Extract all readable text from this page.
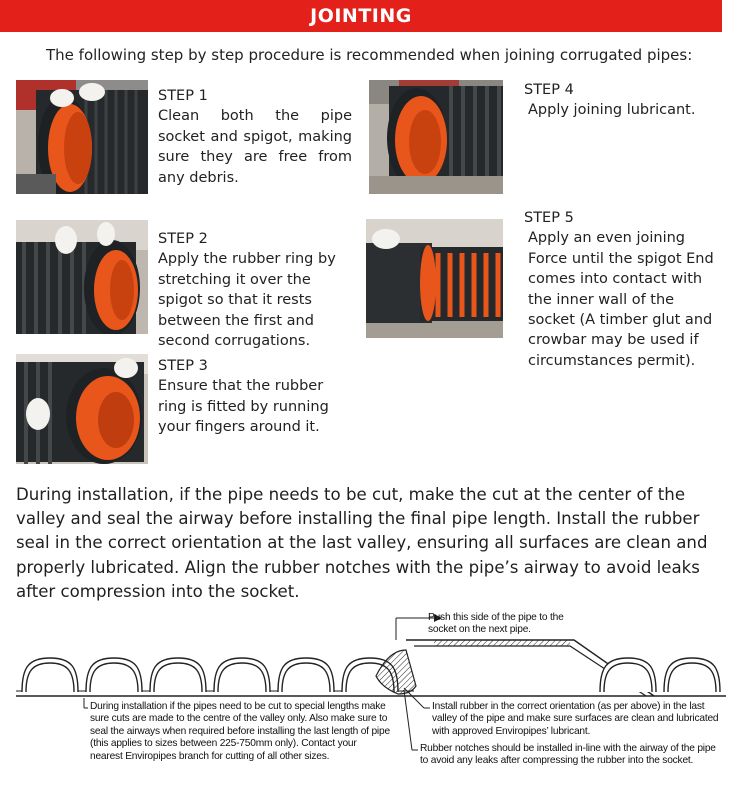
JOINTING
The following step by step procedure is recommended when joining corrugated pipes:
STEP 1
Clean both the pipe socket and spigot, making sure they are free from any debris.
STEP 2
Apply the rubber ring by stretching it over the spigot so that it rests between the first and second corrugations.
STEP 3
Ensure that the rubber ring is fitted by running your fingers around it.
STEP 4
Apply joining lubricant.
STEP 5
Apply an even joining Force until the spigot End comes into contact with the inner wall of the socket (A timber glut and crowbar may be used if circumstances permit).
During installation, if the pipe needs to be cut, make the cut at the center of the valley and seal the airway before installing the final pipe length. Install the rubber seal in the correct orientation at the last valley, ensuring all surfaces are clean and properly lubricated. Align the rubber notches with the pipe’s airway to avoid leaks after compression into the socket.
Push this side of the pipe to the socket on the next pipe.
During installation if the pipes need to be cut to special lengths make sure cuts are made to the centre of the valley only. Also make sure to seal the airways when required before installing the last length of pipe (this applies to sizes between 225-750mm only). Contact your nearest Enviropipes branch for cutting of all other sizes.
Install rubber in the correct orientation (as per above) in the last valley of the pipe and make sure surfaces are clean and lubricated with approved Enviropipes’ lubricant.
Rubber notches should be installed in-line with the airway of the pipe to avoid any leaks after compressing the rubber into the socket.
